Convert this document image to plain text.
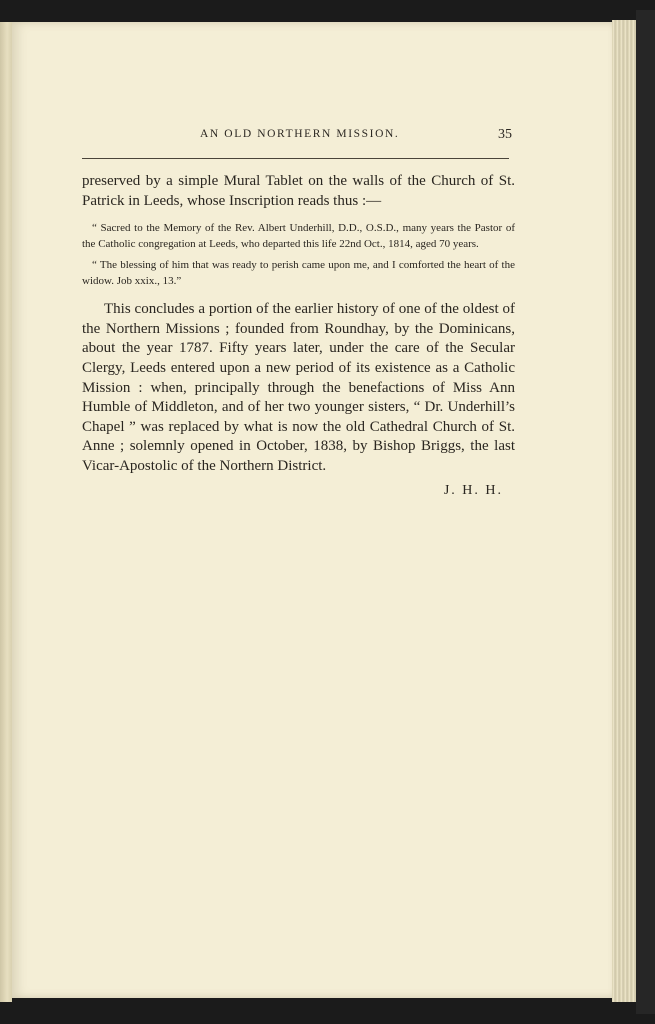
AN OLD NORTHERN MISSION.	35

preserved by a simple Mural Tablet on the walls of the Church of St. Patrick in Leeds, whose Inscription reads thus :—

“ Sacred to the Memory of the Rev. Albert Underhill, D.D., O.S.D., many years the Pastor of the Catholic congregation at Leeds, who departed this life 22nd Oct., 1814, aged 70 years.

“ The blessing of him that was ready to perish came upon me, and I comforted the heart of the widow. Job xxix., 13.”

This concludes a portion of the earlier history of one of the oldest of the Northern Missions ; founded from Roundhay, by the Dominicans, about the year 1787. Fifty years later, under the care of the Secular Clergy, Leeds entered upon a new period of its existence as a Catholic Mission : when, principally through the benefactions of Miss Ann Humble of Middleton, and of her two younger sisters, “ Dr. Underhill’s Chapel ” was replaced by what is now the old Cathedral Church of St. Anne ; solemnly opened in October, 1838, by Bishop Briggs, the last Vicar-Apostolic of the Northern District.

J. H. H.
